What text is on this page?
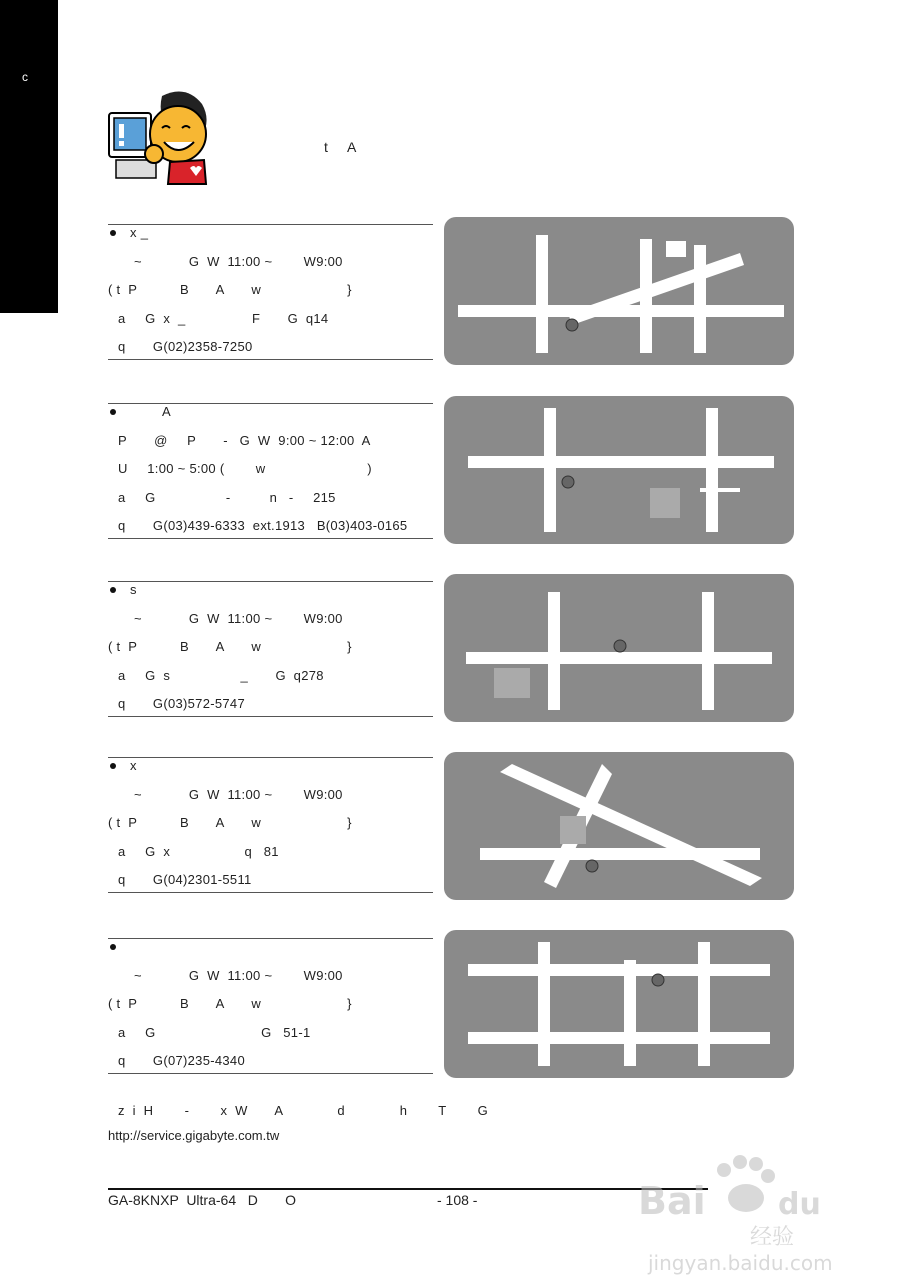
c
t A
x _
~            G  W  11:00 ~        W9:00
( t  P           B       A       w                      }
a     G  x  _                 F       G  q14
q       G(02)2358-7250
A
P       @     P       -   G  W  9:00 ~ 12:00  A
U     1:00 ~ 5:00 (        w                          )
a     G                  -          n   -     215
q       G(03)439-6333  ext.1913   B(03)403-0165
s
~            G  W  11:00 ~        W9:00
( t  P           B       A       w                      }
a     G  s                  _       G  q278
q       G(03)572-5747
x
~            G  W  11:00 ~        W9:00
( t  P           B       A       w                      }
a     G  x                   q   81
q       G(04)2301-5511
~            G  W  11:00 ~        W9:00
( t  P           B       A       w                      }
a     G                           G   51-1
q       G(07)235-4340
z  i  H        -        x  W       A              d              h        T        G
http://service.gigabyte.com.tw
GA-8KNXP  Ultra-64   D       O	- 108 -	Bai du
经验
jingyan.baidu.com
